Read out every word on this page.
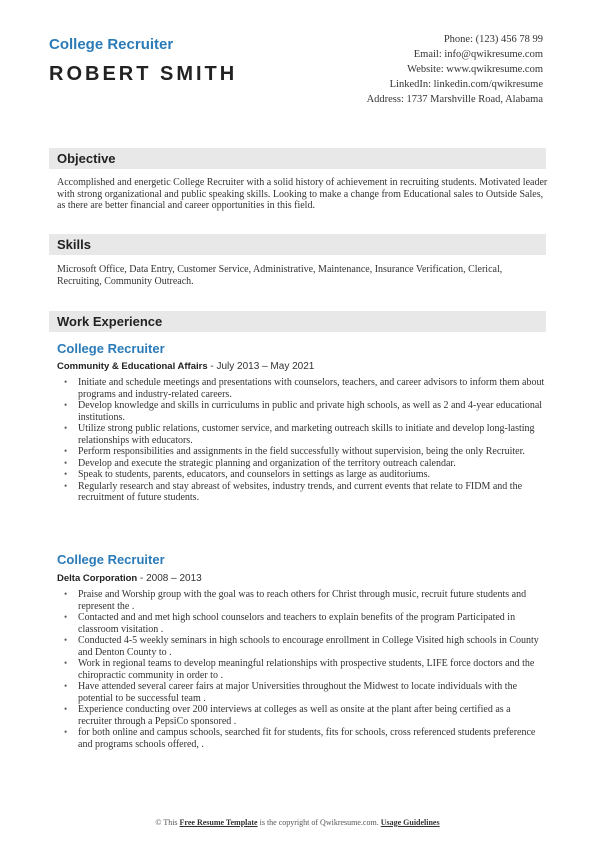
College Recruiter
ROBERT SMITH
Phone: (123) 456 78 99
Email: info@qwikresume.com
Website: www.qwikresume.com
LinkedIn: linkedin.com/qwikresume
Address: 1737 Marshville Road, Alabama
Objective

Accomplished and energetic College Recruiter with a solid history of achievement in recruiting students. Motivated leader with strong organizational and public speaking skills. Looking to make a change from Educational sales to Outside Sales, as there are better financial and career opportunities in this field.

Skills

Microsoft Office, Data Entry, Customer Service, Administrative, Maintenance, Insurance Verification, Clerical, Recruiting, Community Outreach.

Work Experience
College Recruiter
Community & Educational Affairs - July 2013 – May 2021
• Initiate and schedule meetings and presentations with counselors, teachers, and career advisors to inform them about programs and industry-related careers.
• Develop knowledge and skills in curriculums in public and private high schools, as well as 2 and 4-year educational institutions.
• Utilize strong public relations, customer service, and marketing outreach skills to initiate and develop long-lasting relationships with educators.
• Perform responsibilities and assignments in the field successfully without supervision, being the only Recruiter.
• Develop and execute the strategic planning and organization of the territory outreach calendar.
• Speak to students, parents, educators, and counselors in settings as large as auditoriums.
• Regularly research and stay abreast of websites, industry trends, and current events that relate to FIDM and the recruitment of future students.
College Recruiter
Delta Corporation - 2008 – 2013
• Praise and Worship group with the goal was to reach others for Christ through music, recruit future students and represent the .
• Contacted and and met high school counselors and teachers to explain benefits of the program Participated in classroom visitation .
• Conducted 4-5 weekly seminars in high schools to encourage enrollment in College Visited high schools in County and Denton County to .
• Work in regional teams to develop meaningful relationships with prospective students, LIFE force doctors and the chiropractic community in order to .
• Have attended several career fairs at major Universities throughout the Midwest to locate individuals with the potential to be successful team .
• Experience conducting over 200 interviews at colleges as well as onsite at the plant after being certified as a recruiter through a PepsiCo sponsored .
• for both online and campus schools, searched fit for students, fits for schools, cross referenced students preference and programs schools offered, .
© This Free Resume Template is the copyright of Qwikresume.com. Usage Guidelines
